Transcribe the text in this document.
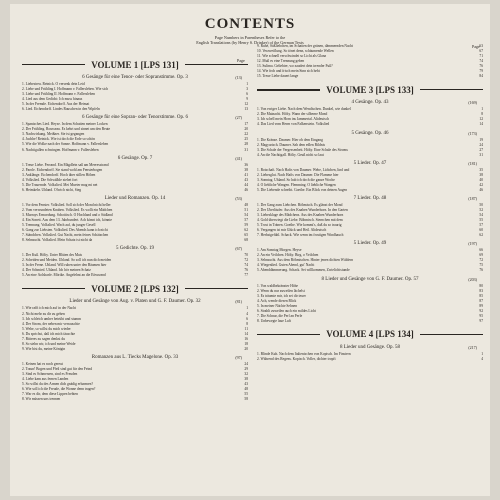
CONTENTS
Page Numbers in Parentheses Refer to the
English Translations (by Henry S. Drinker) of the German Texts
Page
Page
VOLUME 1 [LPS 131]
6 Gesänge für eine Tenor- oder Sopranstimme. Op. 3	(13)
1. Liebestreu. Reinick. O versenk dein Leid	1
2. Liebe und Frühling I. Hoffmann v. Fallersleben. Wie sich	3
3. Liebe und Frühling II. Hoffmann v. Fallersleben	6
4. Lied aus dem Gedicht: Ich muss hinaus	9
5. In der Fremde. Eichendorff. Aus der Heimat	12
6. Lied. Eichendorff. Lindes Rauschen in den Wipfeln	13
6 Gesänge für eine Sopran- oder Tenorstimme. Op. 6	(27)
1. Spanisches Lied. Heyse. In dem Schatten meiner Locken	17
2. Der Frühling. Rousseau. Es kehrt und sinnet um den Beute	20
3. Nachwirkung. Meißner. Sie ist gegangen	22
4. Juchhe! Reinick. Wie ist doch die Erde so schön	25
5. Wie die Wolke nach der Sonne. Hoffmann v. Fallersleben	28
6. Nachtigallen schwingen. Hoffmann v. Fallersleben	31
6 Gesänge. Op. 7	(41)
1. Treue Liebe. Ferrand. Ein Mägdlein saß am Meeresstrand	36
2. Parole. Eichendorff. Sie stand wohl am Fensterbogen	38
3. Anklänge. Eichendorff. Hoch über stillen Höhen	41
4. Volkslied. Die Schwälble ziehet fort	43
5. Die Trauernde. Volkslied. Mei Mueter mag mi net	44
6. Heimkehr. Uhland. O brich nicht, Steg	46
Lieder und Romanzen. Op. 14	(53)
1. Vor dem Fenster. Volkslied. Soll sich der Mond nicht heller	48
2. Vom verwundeten Knaben. Volkslied. Es wollt ein Mädchen	51
3. Murrays Ermordung. Schottisch. O Hochland und o Südland	54
4. Ein Sonett. Aus dem 13. Jahrhundert. Ach könnt ich, könnte	57
5. Trennung. Volkslied. Wach auf, du junger Gesell	59
6. Gang zur Liebsten. Volkslied. Des Abends kann ich nicht	62
7. Ständchen. Volkslied. Gut Nacht, mein feines Schätzchen	65
8. Sehnsucht. Volkslied. Mein Schatz ist nicht da	68
5 Gedichte. Op. 19	(67)
1. Der Kuß. Hölty. Unter Blüten des Mais	70
2. Scheiden und Meiden. Uhland. So soll ich nun dich meiden	72
3. In der Ferne. Uhland. Will ruhen unter den Bäumen hier	74
4. Der Schmied. Uhland. Ich hör meinen Schatz	76
5. An eine Äolsharfe. Mörike. Angelehnt an die Efeuwand	77
VOLUME 2 [LPS 132]
Lieder und Gesänge von Aug. v. Platen und G. F. Daumer. Op. 32	(81)
1. Wie rafft ich mich auf in der Nacht	1
2. Nicht mehr zu dir zu gehen	4
3. Ich schleich umher betrübt und stumm	6
4. Der Strom, der neben mir verrauschte	8
5. Wehe, so willst du mich wieder	11
6. Du sprichst, daß ich mich täuschte	14
7. Bitteres zu sagen denkst du	16
8. So stehn wir, ich und meine Weide	18
9. Wie bist du, meine Königin	20
Romanzen aus L. Tiecks Magelone. Op. 33	(97)
1. Keinen hat es noch gereut	24
2. Traun! Bogen und Pfeil sind gut für den Feind	29
3. Sind es Schmerzen, sind es Freuden	32
4. Liebe kam aus fernen Landen	38
5. So willst du des Armen dich gnädig erbarmen?	43
6. Wie soll ich die Freude, die Wonne denn tragen?	48
7. War es dir, dem diese Lippen bebten	55
8. Wir müssen uns trennen	58
9. Ruhe, Süßliebchen, im Schatten der grünen, dämmernden Nacht	63
10. Verzweiflung. So tönet denn, schäumende Wellen	67
11. Wie schnell verschwindet so Licht als Glanz	71
12. Muß es eine Trennung geben	74
13. Sulima. Geliebter, wo zaudert dein irrender Fuß?	76
14. Wie froh und frisch mein Sinn sich hebt	79
15. Treue Liebe dauert lange	84
VOLUME 3 [LPS 133]
4 Gesänge. Op. 43	(169)
1. Von ewiger Liebe. Nach dem Wendischen. Dunkel, wie dunkel	1
2. Die Mainacht. Hölty. Wann der silberne Mond	8
3. Ich schell mein Horn ins Jammertal. Altdeutsch	12
4. Das Lied vom Herrn von Falkenstein. Volkslied	14
5 Gesänge. Op. 46	(173)
1. Die Kränze. Daumer. Hier ob dem Eingang	19
2. Magyarisch. Daumer. Sah dem edlen Bildnis	24
3. Die Schale der Vergessenheit. Hölty. Eine Schale des Stroms	27
4. An die Nachtigall. Hölty. Geuß nicht so laut	31
5 Lieder. Op. 47	(181)
1. Botschaft. Nach Hafis von Daumer. Wehe, Lüftchen, lind und	35
2. Liebesglut. Nach Hafis von Daumer. Die Flamme hier	38
3. Sonntag. Uhland. So hab ich doch die ganze Woche	40
4. O liebliche Wangen. Flemming. O liebliche Wangen	42
5. Die Liebende schreibt. Goethe. Ein Blick von deinen Augen	46
7 Lieder. Op. 48	(187)
1. Der Gang zum Liebchen. Böhmisch. Es glänzt der Mond	50
2. Der Überläufer. Aus des Knaben Wunderhorn. In den Garten	52
3. Liebesklage des Mädchens. Aus des Knaben Wunderhorn	54
4. Gold überwiegt die Liebe. Böhmisch. Sternchen mit dem	55
5. Trost in Tränen. Goethe. Wie kommt's, daß du so traurig	57
6. Vergangen ist mir Glück und Heil. Altdeutsch	60
7. Herbstgefühl. Schack. Wie wenn im frostigen Windhauch	62
5 Lieder. Op. 49	(197)
1. Am Sonntag Morgen. Heyse	66
2. An ein Veilchen. Hölty. Birg, o Veilchen	69
3. Sehnsucht. Aus dem Böhmischen. Hinter jenen dichten Wäldern	72
4. Wiegenlied. Guten Abend, gut' Nacht	75
5. Abenddämmerung. Schack. Sei willkommen, Zwielichtstunde	76
8 Lieder und Gesänge von G. F. Daumer. Op. 57	(203)
1. Von waldbekränzter Höhe	80
2. Wenn du nur zuweilen lächelst	83
3. Es träumte mir, ich sei dir teuer	85
4. Ach, wende diesen Blick	87
5. In meiner Nächte Sehnen	89
6. Strahlt zuweilen auch ein mildes Licht	92
7. Die Schnur, die Perl an Perle	95
8. Unbewegte laue Luft	97
VOLUME 4 [LPS 134]
8 Lieder und Gesänge. Op. 58	(217)
1. Blinde Kuh. Nach dem Italienischen von Kopisch. Im Finstern	1
2. Während des Regens. Kopisch. Voller, dichter tropft	4
